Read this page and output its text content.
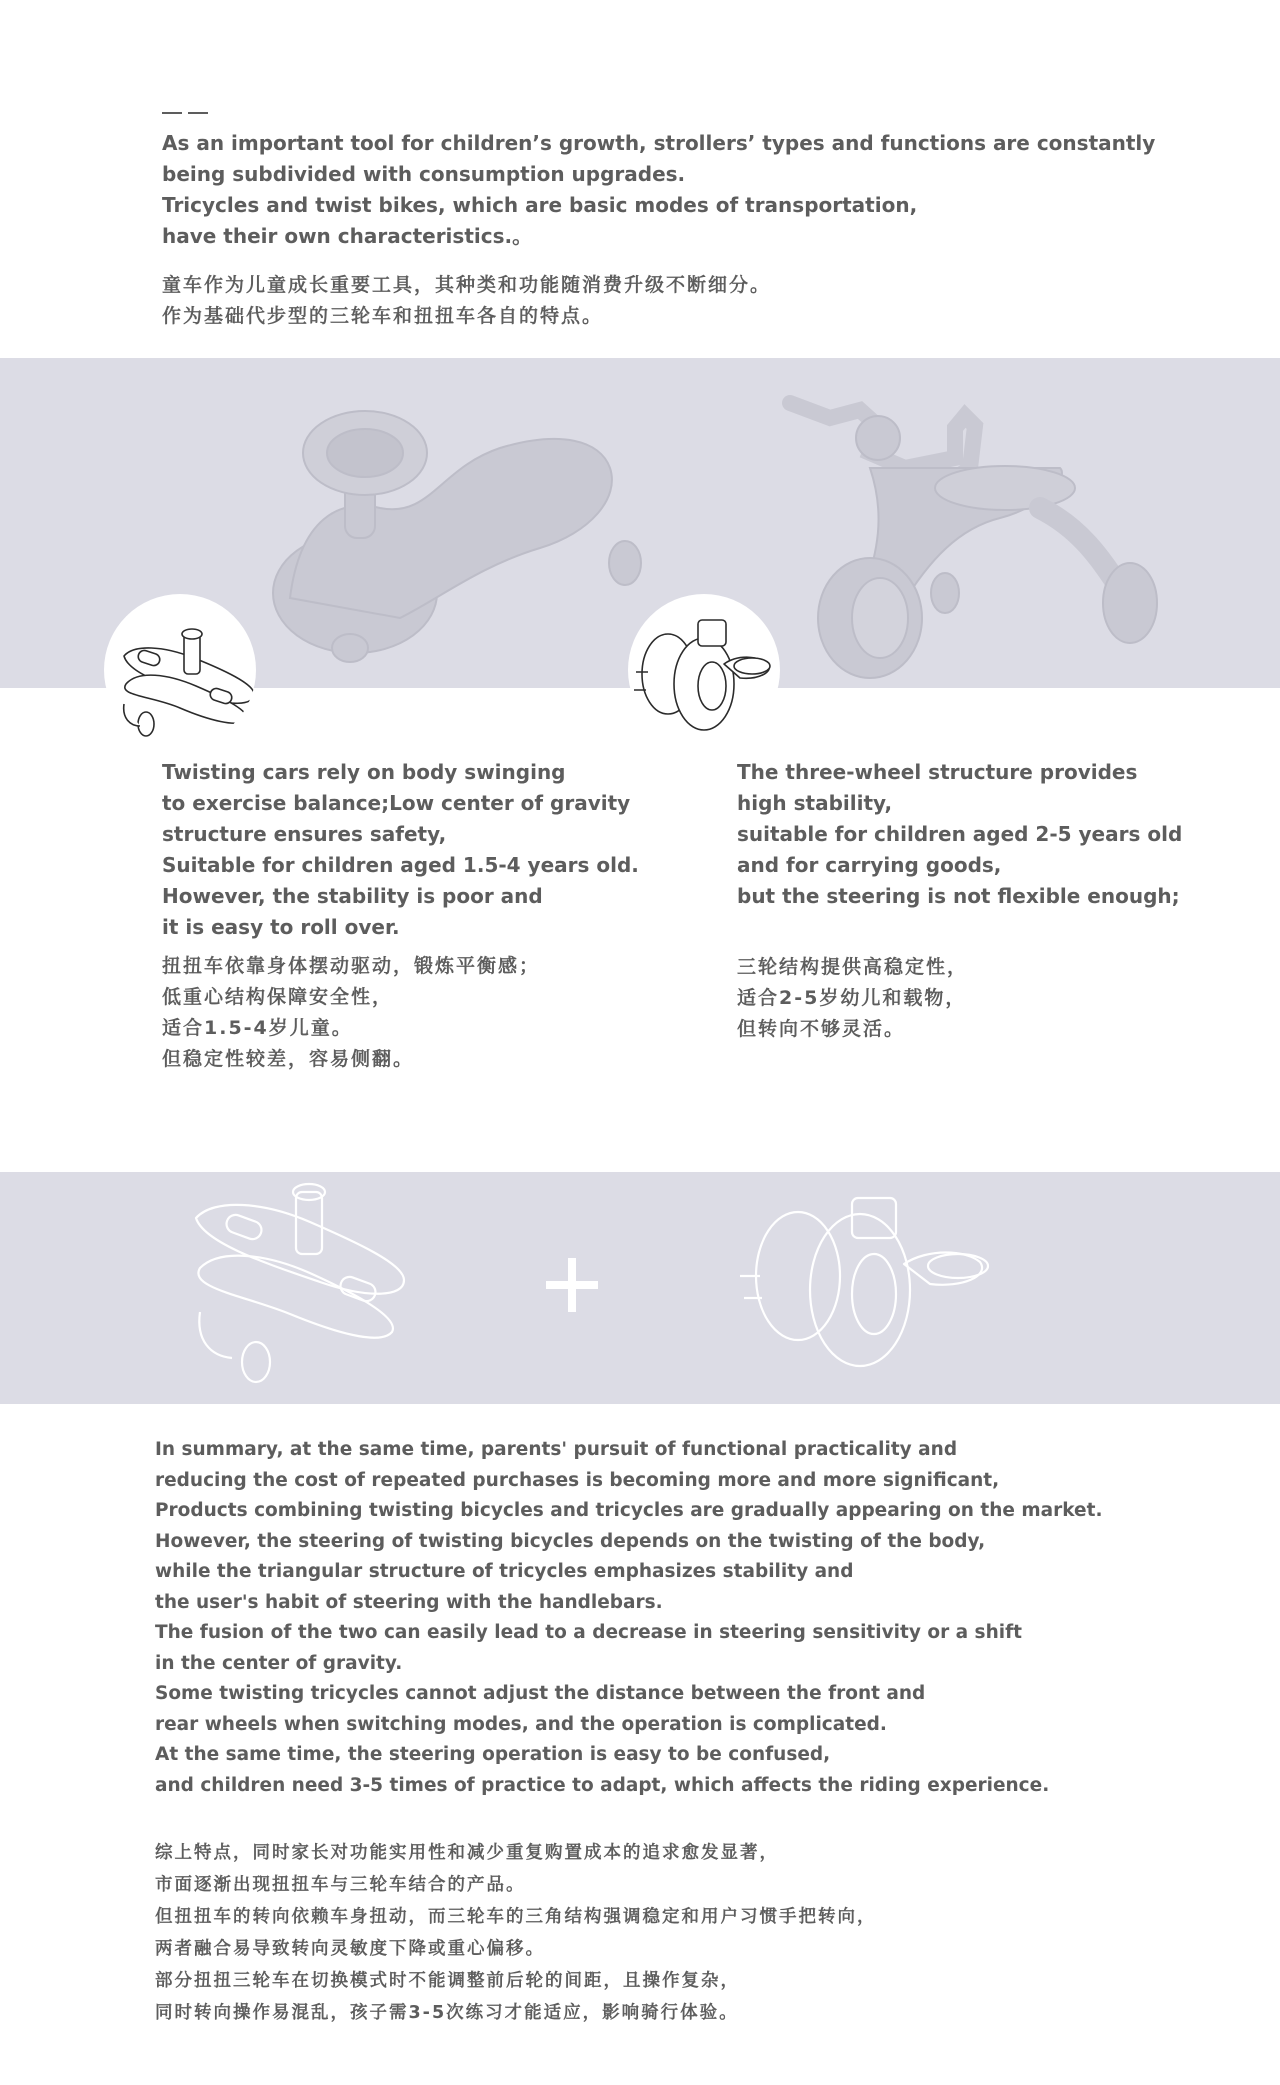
As an important tool for children’s growth, strollers’ types and functions are constantly
being subdivided with consumption upgrades.
Tricycles and twist bikes, which are basic modes of transportation,
have their own characteristics.。
童车作为儿童成长重要工具，其种类和功能随消费升级不断细分。
作为基础代步型的三轮车和扭扭车各自的特点。
Twisting cars rely on body swinging
to exercise balance;Low center of gravity
structure ensures safety,
Suitable for children aged 1.5-4 years old.
However, the stability is poor and
it is easy to roll over.
扭扭车依靠身体摆动驱动，锻炼平衡感；
低重心结构保障安全性，
适合1.5-4岁儿童。
但稳定性较差，容易侧翻。
The three-wheel structure provides
high stability,
suitable for children aged 2-5 years old
and for carrying goods,
but the steering is not flexible enough;
三轮结构提供高稳定性，
适合2-5岁幼儿和载物，
但转向不够灵活。
In summary, at the same time, parents' pursuit of functional practicality and
reducing the cost of repeated purchases is becoming more and more significant,
Products combining twisting bicycles and tricycles are gradually appearing on the market.
However, the steering of twisting bicycles depends on the twisting of the body,
while the triangular structure of tricycles emphasizes stability and
the user's habit of steering with the handlebars.
The fusion of the two can easily lead to a decrease in steering sensitivity or a shift
in the center of gravity.
Some twisting tricycles cannot adjust the distance between the front and
rear wheels when switching modes, and the operation is complicated.
At the same time, the steering operation is easy to be confused,
and children need 3-5 times of practice to adapt, which affects the riding experience.
综上特点，同时家长对功能实用性和减少重复购置成本的追求愈发显著，
市面逐渐出现扭扭车与三轮车结合的产品。
但扭扭车的转向依赖车身扭动，而三轮车的三角结构强调稳定和用户习惯手把转向，
两者融合易导致转向灵敏度下降或重心偏移。
部分扭扭三轮车在切换模式时不能调整前后轮的间距，且操作复杂，
同时转向操作易混乱，孩子需3-5次练习才能适应，影响骑行体验。
